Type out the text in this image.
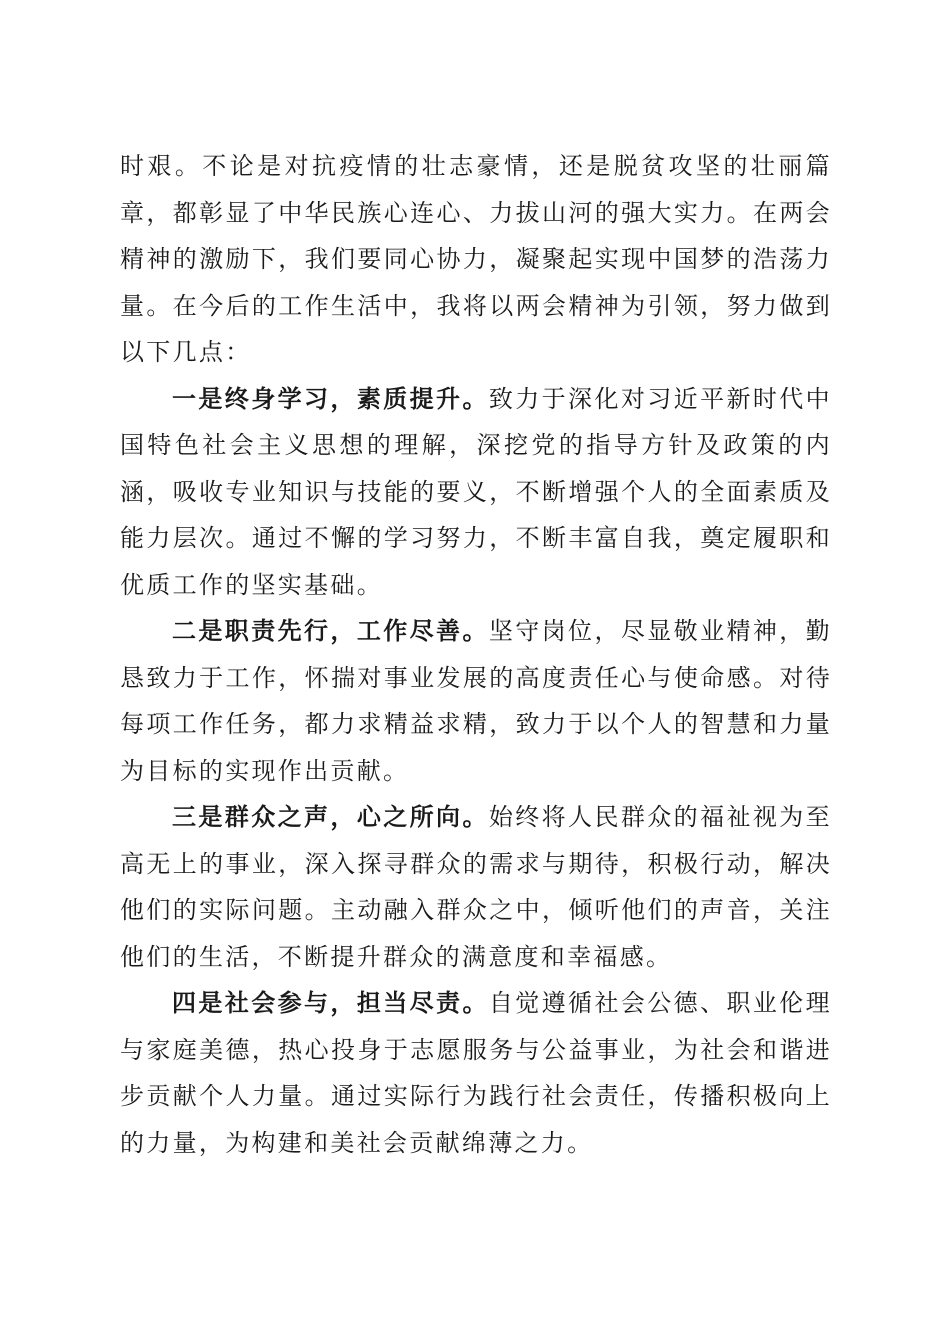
时艰。不论是对抗疫情的壮志豪情，还是脱贫攻坚的壮丽篇章，都彰显了中华民族心连心、力拔山河的强大实力。在两会精神的激励下，我们要同心协力，凝聚起实现中国梦的浩荡力量。在今后的工作生活中，我将以两会精神为引领，努力做到以下几点：

一是终身学习，素质提升。致力于深化对习近平新时代中国特色社会主义思想的理解，深挖党的指导方针及政策的内涵，吸收专业知识与技能的要义，不断增强个人的全面素质及能力层次。通过不懈的学习努力，不断丰富自我，奠定履职和优质工作的坚实基础。

二是职责先行，工作尽善。坚守岗位，尽显敬业精神，勤恳致力于工作，怀揣对事业发展的高度责任心与使命感。对待每项工作任务，都力求精益求精，致力于以个人的智慧和力量为目标的实现作出贡献。

三是群众之声，心之所向。始终将人民群众的福祉视为至高无上的事业，深入探寻群众的需求与期待，积极行动，解决他们的实际问题。主动融入群众之中，倾听他们的声音，关注他们的生活，不断提升群众的满意度和幸福感。

四是社会参与，担当尽责。自觉遵循社会公德、职业伦理与家庭美德，热心投身于志愿服务与公益事业，为社会和谐进步贡献个人力量。通过实际行为践行社会责任，传播积极向上的力量，为构建和美社会贡献绵薄之力。
